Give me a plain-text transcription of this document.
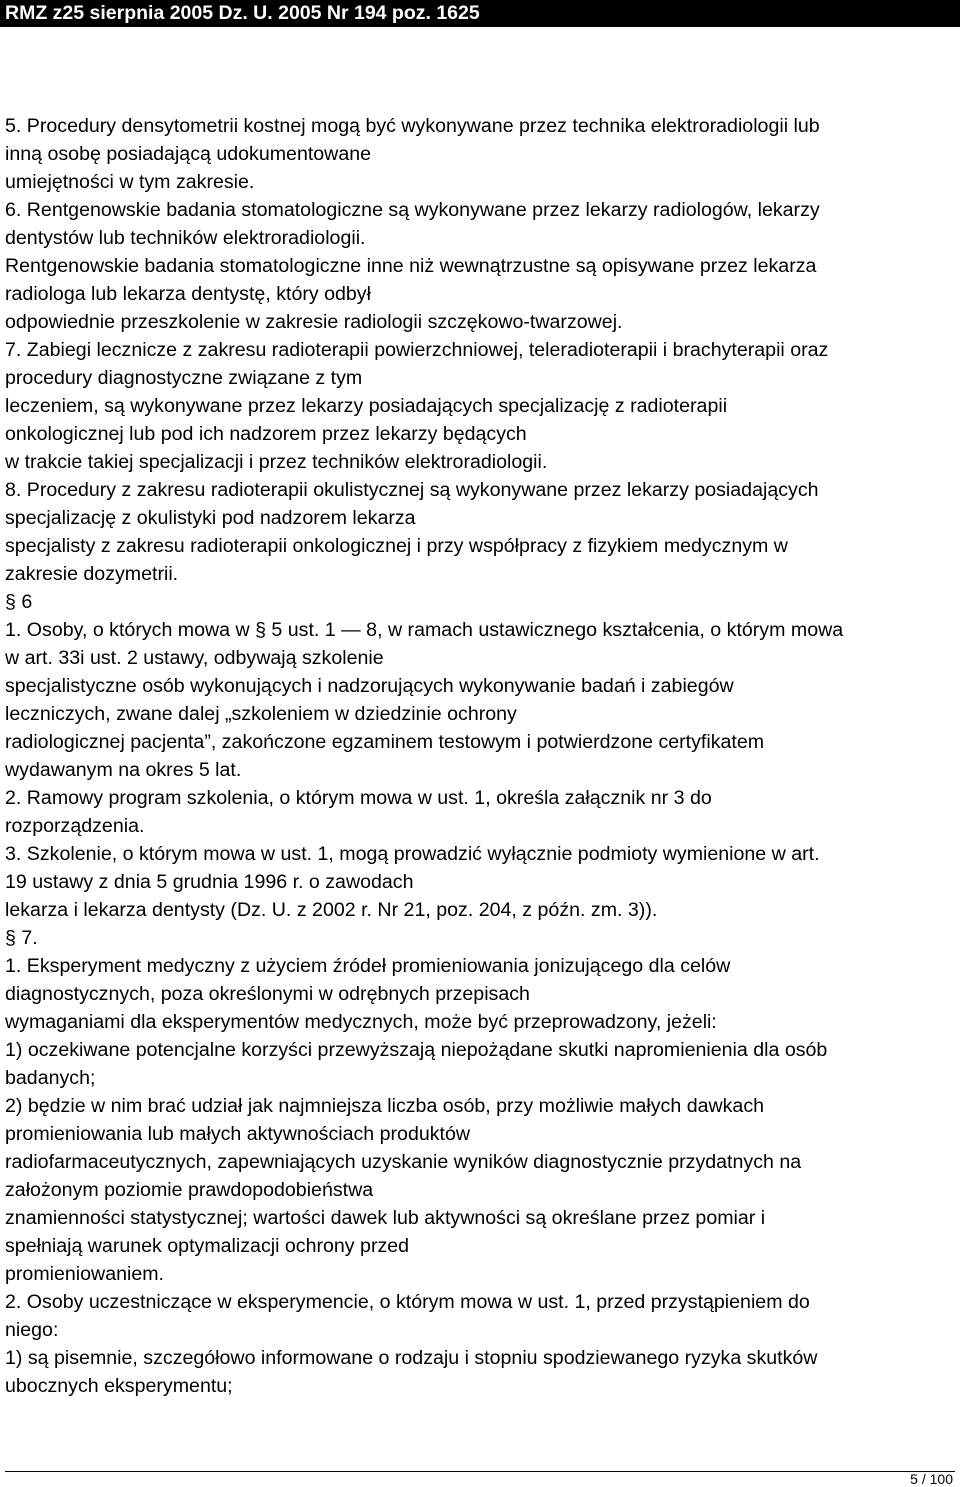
RMZ z25 sierpnia 2005 Dz. U. 2005 Nr 194 poz. 1625
5. Procedury densytometrii kostnej mogą być wykonywane przez technika elektroradiologii lub
inną osobę posiadającą udokumentowane
umiejętności w tym zakresie.
6. Rentgenowskie badania stomatologiczne są wykonywane przez lekarzy radiologów, lekarzy
dentystów lub techników elektroradiologii.
Rentgenowskie badania stomatologiczne inne niż wewnątrzustne są opisywane przez lekarza
radiologa lub lekarza dentystę, który odbył
odpowiednie przeszkolenie w zakresie radiologii szczękowo-twarzowej.
7. Zabiegi lecznicze z zakresu radioterapii powierzchniowej, teleradioterapii i brachyterapii oraz
procedury diagnostyczne związane z tym
leczeniem, są wykonywane przez lekarzy posiadających specjalizację z radioterapii
onkologicznej lub pod ich nadzorem przez lekarzy będących
w trakcie takiej specjalizacji i przez techników elektroradiologii.
8. Procedury z zakresu radioterapii okulistycznej są wykonywane przez lekarzy posiadających
specjalizację z okulistyki pod nadzorem lekarza
specjalisty z zakresu radioterapii onkologicznej i przy współpracy z fizykiem medycznym w
zakresie dozymetrii.
§ 6
1. Osoby, o których mowa w § 5 ust. 1 — 8, w ramach ustawicznego kształcenia, o którym mowa
w art. 33i ust. 2 ustawy, odbywają szkolenie
specjalistyczne osób wykonujących i nadzorujących wykonywanie badań i zabiegów
leczniczych, zwane dalej „szkoleniem w dziedzinie ochrony
radiologicznej pacjenta”, zakończone egzaminem testowym i potwierdzone certyfikatem
wydawanym na okres 5 lat.
2. Ramowy program szkolenia, o którym mowa w ust. 1, określa załącznik nr 3 do
rozporządzenia.
3. Szkolenie, o którym mowa w ust. 1, mogą prowadzić wyłącznie podmioty wymienione w art.
19 ustawy z dnia 5 grudnia 1996 r. o zawodach
lekarza i lekarza dentysty (Dz. U. z 2002 r. Nr 21, poz. 204, z późn. zm. 3)).
§ 7.
1. Eksperyment medyczny z użyciem źródeł promieniowania jonizującego dla celów
diagnostycznych, poza określonymi w odrębnych przepisach
wymaganiami dla eksperymentów medycznych, może być przeprowadzony, jeżeli:
1) oczekiwane potencjalne korzyści przewyższają niepożądane skutki napromienienia dla osób
badanych;
2) będzie w nim brać udział jak najmniejsza liczba osób, przy możliwie małych dawkach
promieniowania lub małych aktywnościach produktów
radiofarmaceutycznych, zapewniających uzyskanie wyników diagnostycznie przydatnych na
założonym poziomie prawdopodobieństwa
znamienności statystycznej; wartości dawek lub aktywności są określane przez pomiar i
spełniają warunek optymalizacji ochrony przed
promieniowaniem.
2. Osoby uczestniczące w eksperymencie, o którym mowa w ust. 1, przed przystąpieniem do
niego:
1) są pisemnie, szczegółowo informowane o rodzaju i stopniu spodziewanego ryzyka skutków
ubocznych eksperymentu;
5 / 100
